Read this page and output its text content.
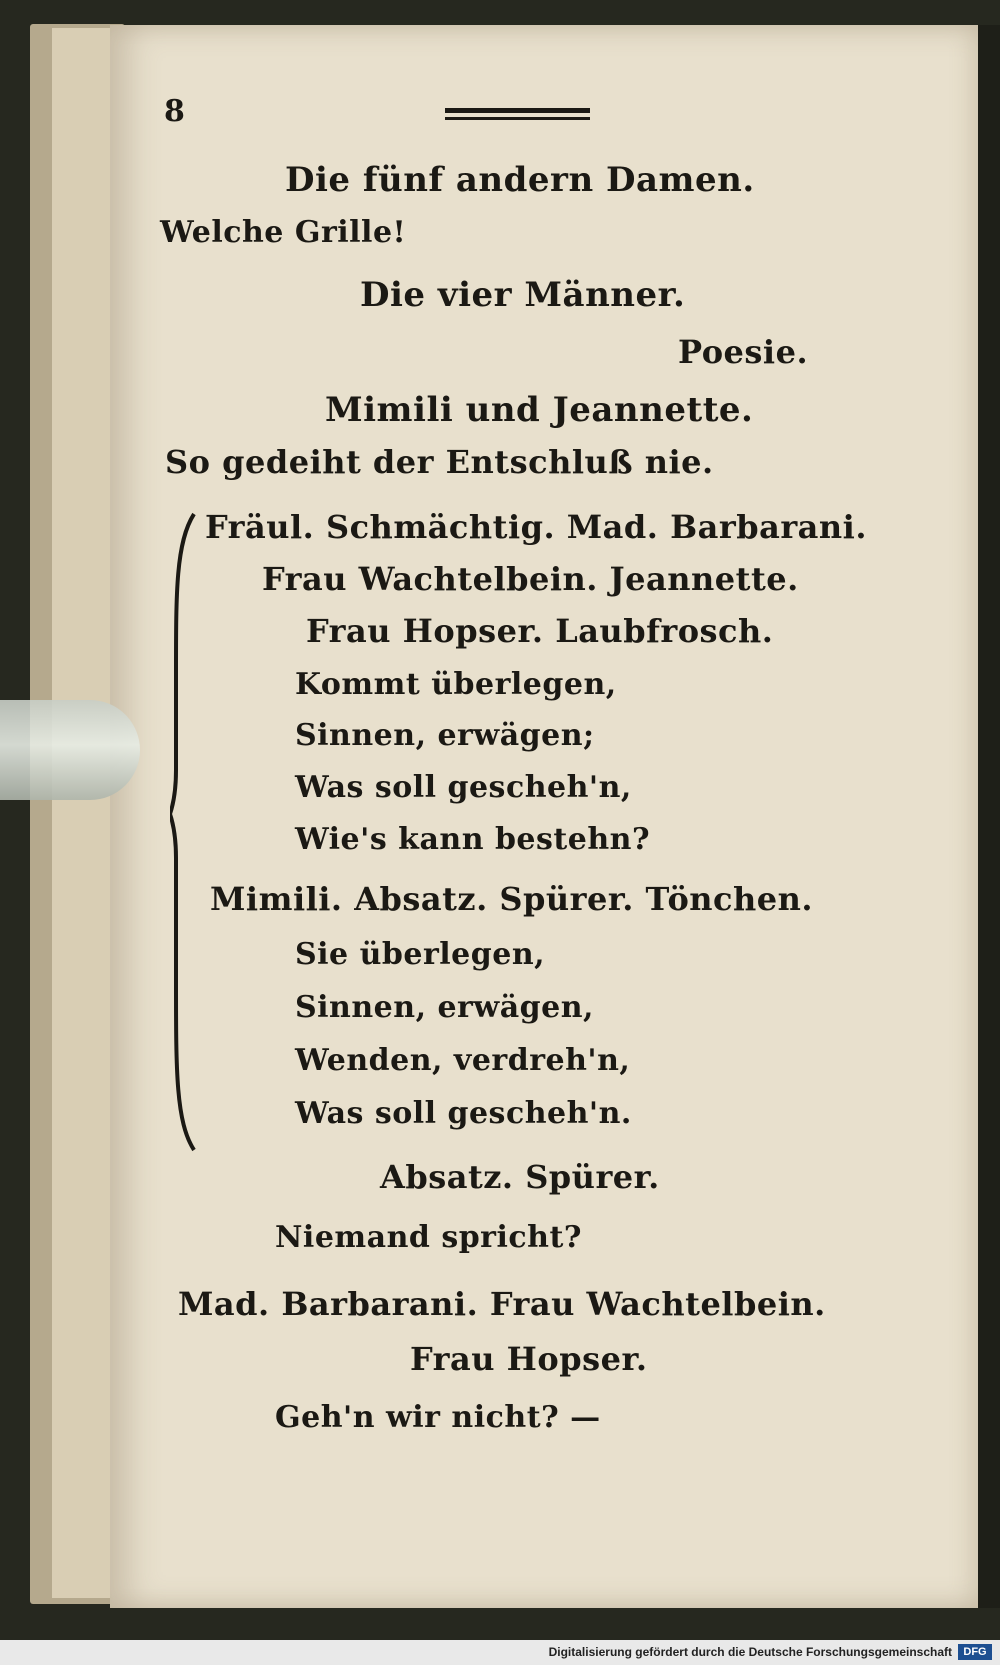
8
Die fünf andern Damen.
Welche Grille!
Die vier Männer.
Poesie.
Mimili und Jeannette.
So gedeiht der Entschluß nie.
Fräul. Schmächtig. Mad. Barbarani.
Frau Wachtelbein. Jeannette.
Frau Hopser. Laubfrosch.
Kommt überlegen,
Sinnen, erwägen;
Was soll gescheh'n,
Wie's kann bestehn?
Mimili. Absatz. Spürer. Tönchen.
Sie überlegen,
Sinnen, erwägen,
Wenden, verdreh'n,
Was soll gescheh'n.
Absatz. Spürer.
Niemand spricht?
Mad. Barbarani. Frau Wachtelbein.
Frau Hopser.
Geh'n wir nicht? —
Digitalisierung gefördert durch die Deutsche Forschungsgemeinschaft	DFG
